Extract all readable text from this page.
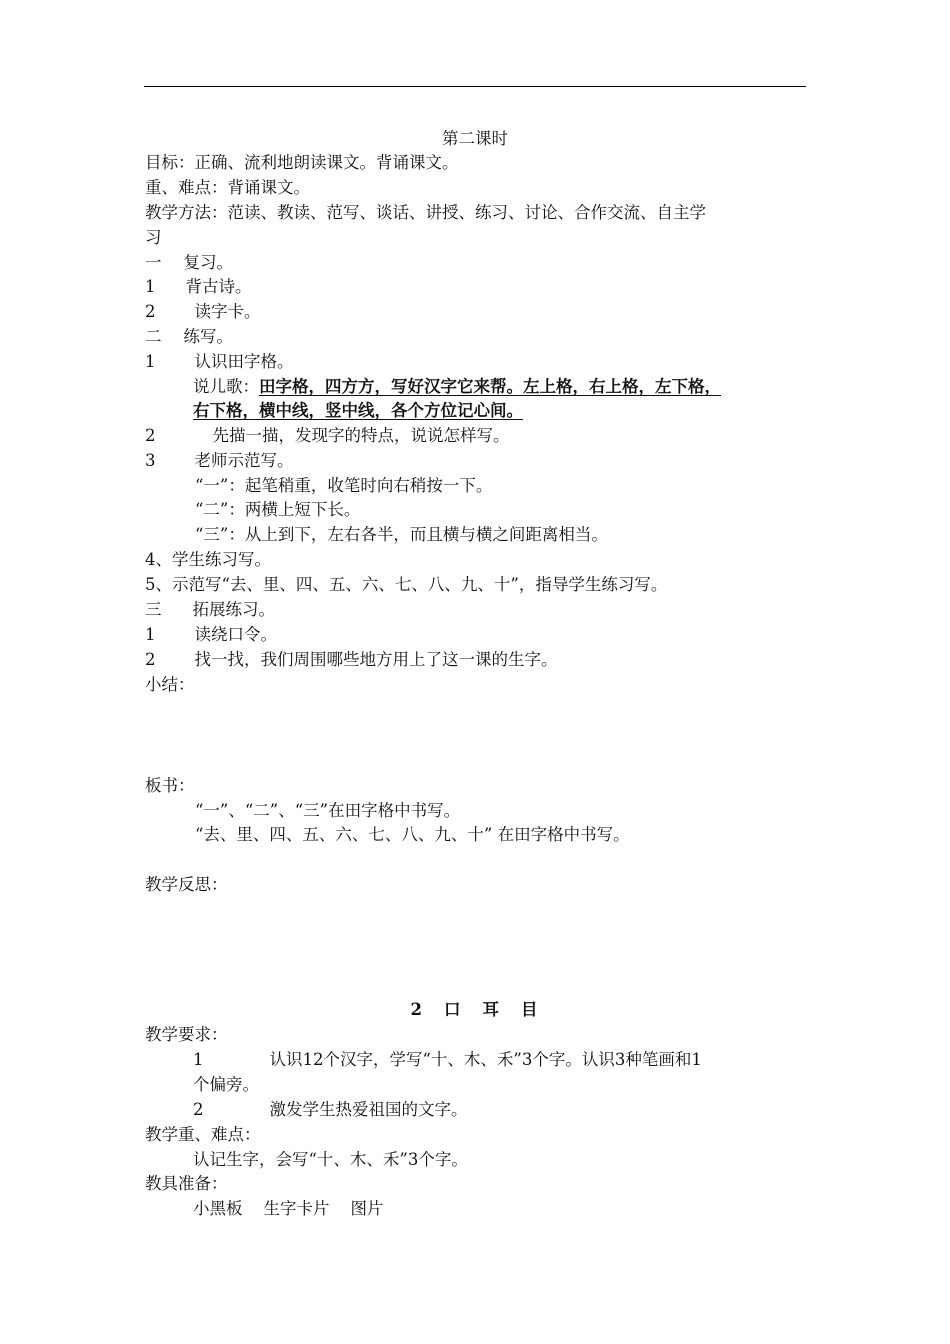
第二课时
目标：正确、流利地朗读课文。背诵课文。
重、难点：背诵课文。
教学方法：范读、教读、范写、谈话、讲授、练习、讨论、合作交流、自主学
习
一 复习。
1 背古诗。
2 读字卡。
二 练写。
1 认识田字格。
说儿歌：田字格，四方方，写好汉字它来帮。左上格，右上格，左下格，
右下格，横中线，竖中线，各个方位记心间。
2	先描一描，发现字的特点，说说怎样写。
3 老师示范写。
“一”：起笔稍重，收笔时向右稍按一下。
“二”：两横上短下长。
“三”：从上到下，左右各半，而且横与横之间距离相当。
4、学生练习写。
5、示范写“去、里、四、五、六、七、八、九、十”，指导学生练习写。
三 拓展练习。
1 读绕口令。
2 找一找，我们周围哪些地方用上了这一课的生字。
小结：
板书：
“一”、“二”、“三”在田字格中书写。
“去、里、四、五、六、七、八、九、十” 在田字格中书写。
教学反思：
2 口 耳 目
教学要求：
1	认识12个汉字，学写“十、木、禾”3个字。认识3种笔画和1
个偏旁。
2	激发学生热爱祖国的文字。
教学重、难点：
认记生字，会写“十、木、禾”3个字。
教具准备：
小黑板    生字卡片    图片
